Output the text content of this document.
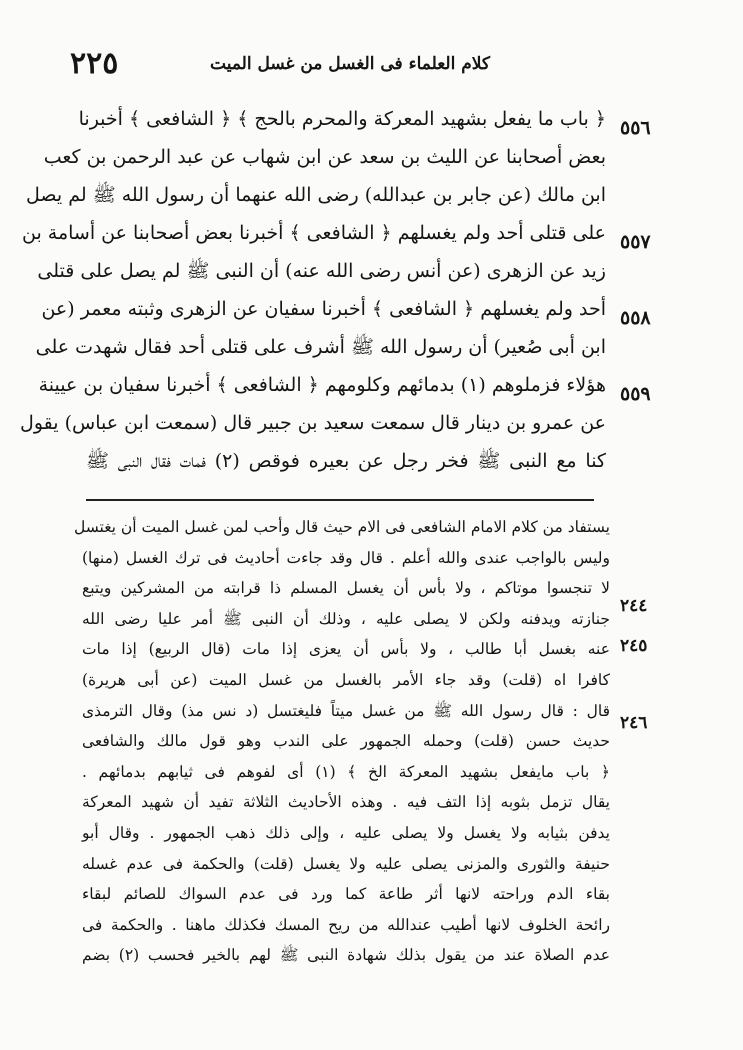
كلام العلماء فى الغسل من غسل الميت
٢٢٥
٥٥٦
٥٥٧
٥٥٨
٥٥٩
﴿ باب ما يفعل بشهيد المعركة والمحرم بالحج ﴾ ﴿ الشافعى ﴾ أخبرنا
بعض أصحابنا عن الليث بن سعد عن ابن شهاب عن عبد الرحمن بن كعب
ابن مالك (عن جابر بن عبدالله) رضى الله عنهما أن رسول الله ﷺ لم يصل
على قتلى أحد ولم يغسلهم ﴿ الشافعى ﴾ أخبرنا بعض أصحابنا عن أسامة بن
زيد عن الزهرى (عن أنس رضى الله عنه) أن النبى ﷺ لم يصل على قتلى
أحد ولم يغسلهم ﴿ الشافعى ﴾ أخبرنا سفيان عن الزهرى وثبته معمر (عن
ابن أبى صُعير) أن رسول الله ﷺ أشرف على قتلى أحد فقال شهدت على
هؤلاء فزملوهم (١) بدمائهم وكلومهم ﴿ الشافعى ﴾ أخبرنا سفيان بن عيينة
عن عمرو بن دينار قال سمعت سعيد بن جبير قال (سمعت ابن عباس) يقول
كنا مع النبى ﷺ فخر رجل عن بعيره فوقص (٢) فمات فقال النبى ﷺ
٢٤٤
٢٤٥
٢٤٦
يستفاد من كلام الامام الشافعى فى الام حيث قال وأحب لمن غسل الميت أن يغتسل
وليس بالواجب عندى والله أعلم . قال وقد جاءت أحاديث فى ترك الغسل (منها)
لا تنجسوا موتاكم ، ولا بأس أن يغسل المسلم ذا قرابته من المشركين ويتبع
جنازته ويدفنه ولكن لا يصلى عليه ، وذلك أن النبى ﷺ أمر عليا رضى الله
عنه بغسل أبا طالب ، ولا بأس أن يعزى إذا مات (قال الربيع) إذا مات
كافرا اه (قلت) وقد جاء الأمر بالغسل من غسل الميت (عن أبى هريرة)
قال : قال رسول الله ﷺ من غسل ميتاً فليغتسل (د نس مذ) وقال الترمذى
حديث حسن (قلت) وحمله الجمهور على الندب وهو قول مالك والشافعى
﴿ باب مايفعل بشهيد المعركة الخ ﴾ (١) أى لفوهم فى ثيابهم بدمائهم .
يقال تزمل بثوبه إذا التف فيه . وهذه الأحاديث الثلاثة تفيد أن شهيد المعركة
يدفن بثيابه ولا يغسل ولا يصلى عليه ، وإلى ذلك ذهب الجمهور . وقال أبو
حنيفة والثورى والمزنى يصلى عليه ولا يغسل (قلت) والحكمة فى عدم غسله
بقاء الدم وراحته لانها أثر طاعة كما ورد فى عدم السواك للصائم لبقاء
رائحة الخلوف لانها أطيب عندالله من ريح المسك فكذلك ماهنا . والحكمة فى
عدم الصلاة عند من يقول بذلك شهادة النبى ﷺ لهم بالخير فحسب (٢) بضم
